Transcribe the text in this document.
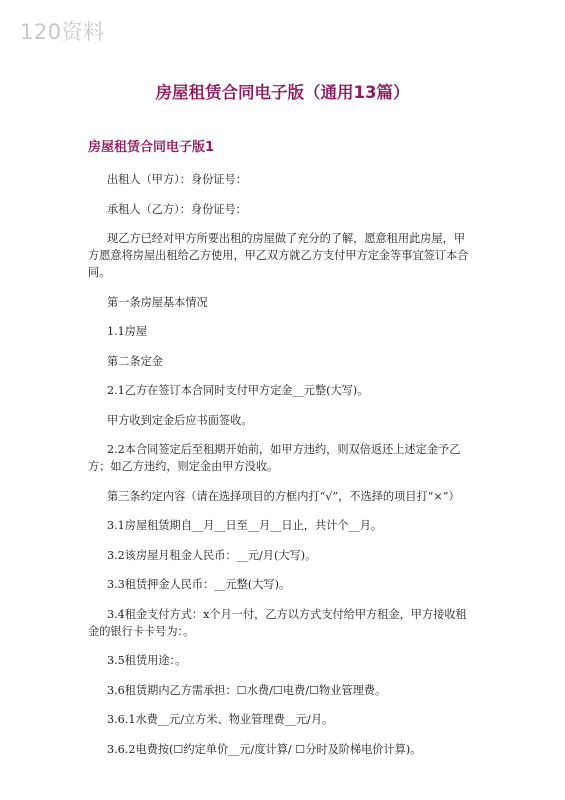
120资料
房屋租赁合同电子版（通用13篇）
房屋租赁合同电子版1

出租人（甲方）：身份证号：

承租人（乙方）：身份证号：

现乙方已经对甲方所要出租的房屋做了充分的了解，愿意租用此房屋，甲方愿意将房屋出租给乙方使用，甲乙双方就乙方支付甲方定金等事宜签订本合同。

第一条房屋基本情况

1.1房屋

第二条定金

2.1乙方在签订本合同时支付甲方定金__元整(大写)。

甲方收到定金后应书面签收。

2.2本合同签定后至租期开始前，如甲方违约，则双倍返还上述定金予乙方；如乙方违约，则定金由甲方没收。

第三条约定内容（请在选择项目的方框内打“√”，不选择的项目打“×”）

3.1房屋租赁期自__月__日至__月__日止，共计个__月。

3.2该房屋月租金人民币：__元/月(大写)。

3.3租赁押金人民币：__元整(大写)。

3.4租金支付方式：x个月一付，乙方以方式支付给甲方租金，甲方接收租金的银行卡卡号为：。

3.5租赁用途：。

3.6租赁期内乙方需承担：☐水费/☐电费/☐物业管理费。

3.6.1水费__元/立方米、物业管理费__元/月。

3.6.2电费按(☐约定单价__元/度计算/ ☐分时及阶梯电价计算)。
